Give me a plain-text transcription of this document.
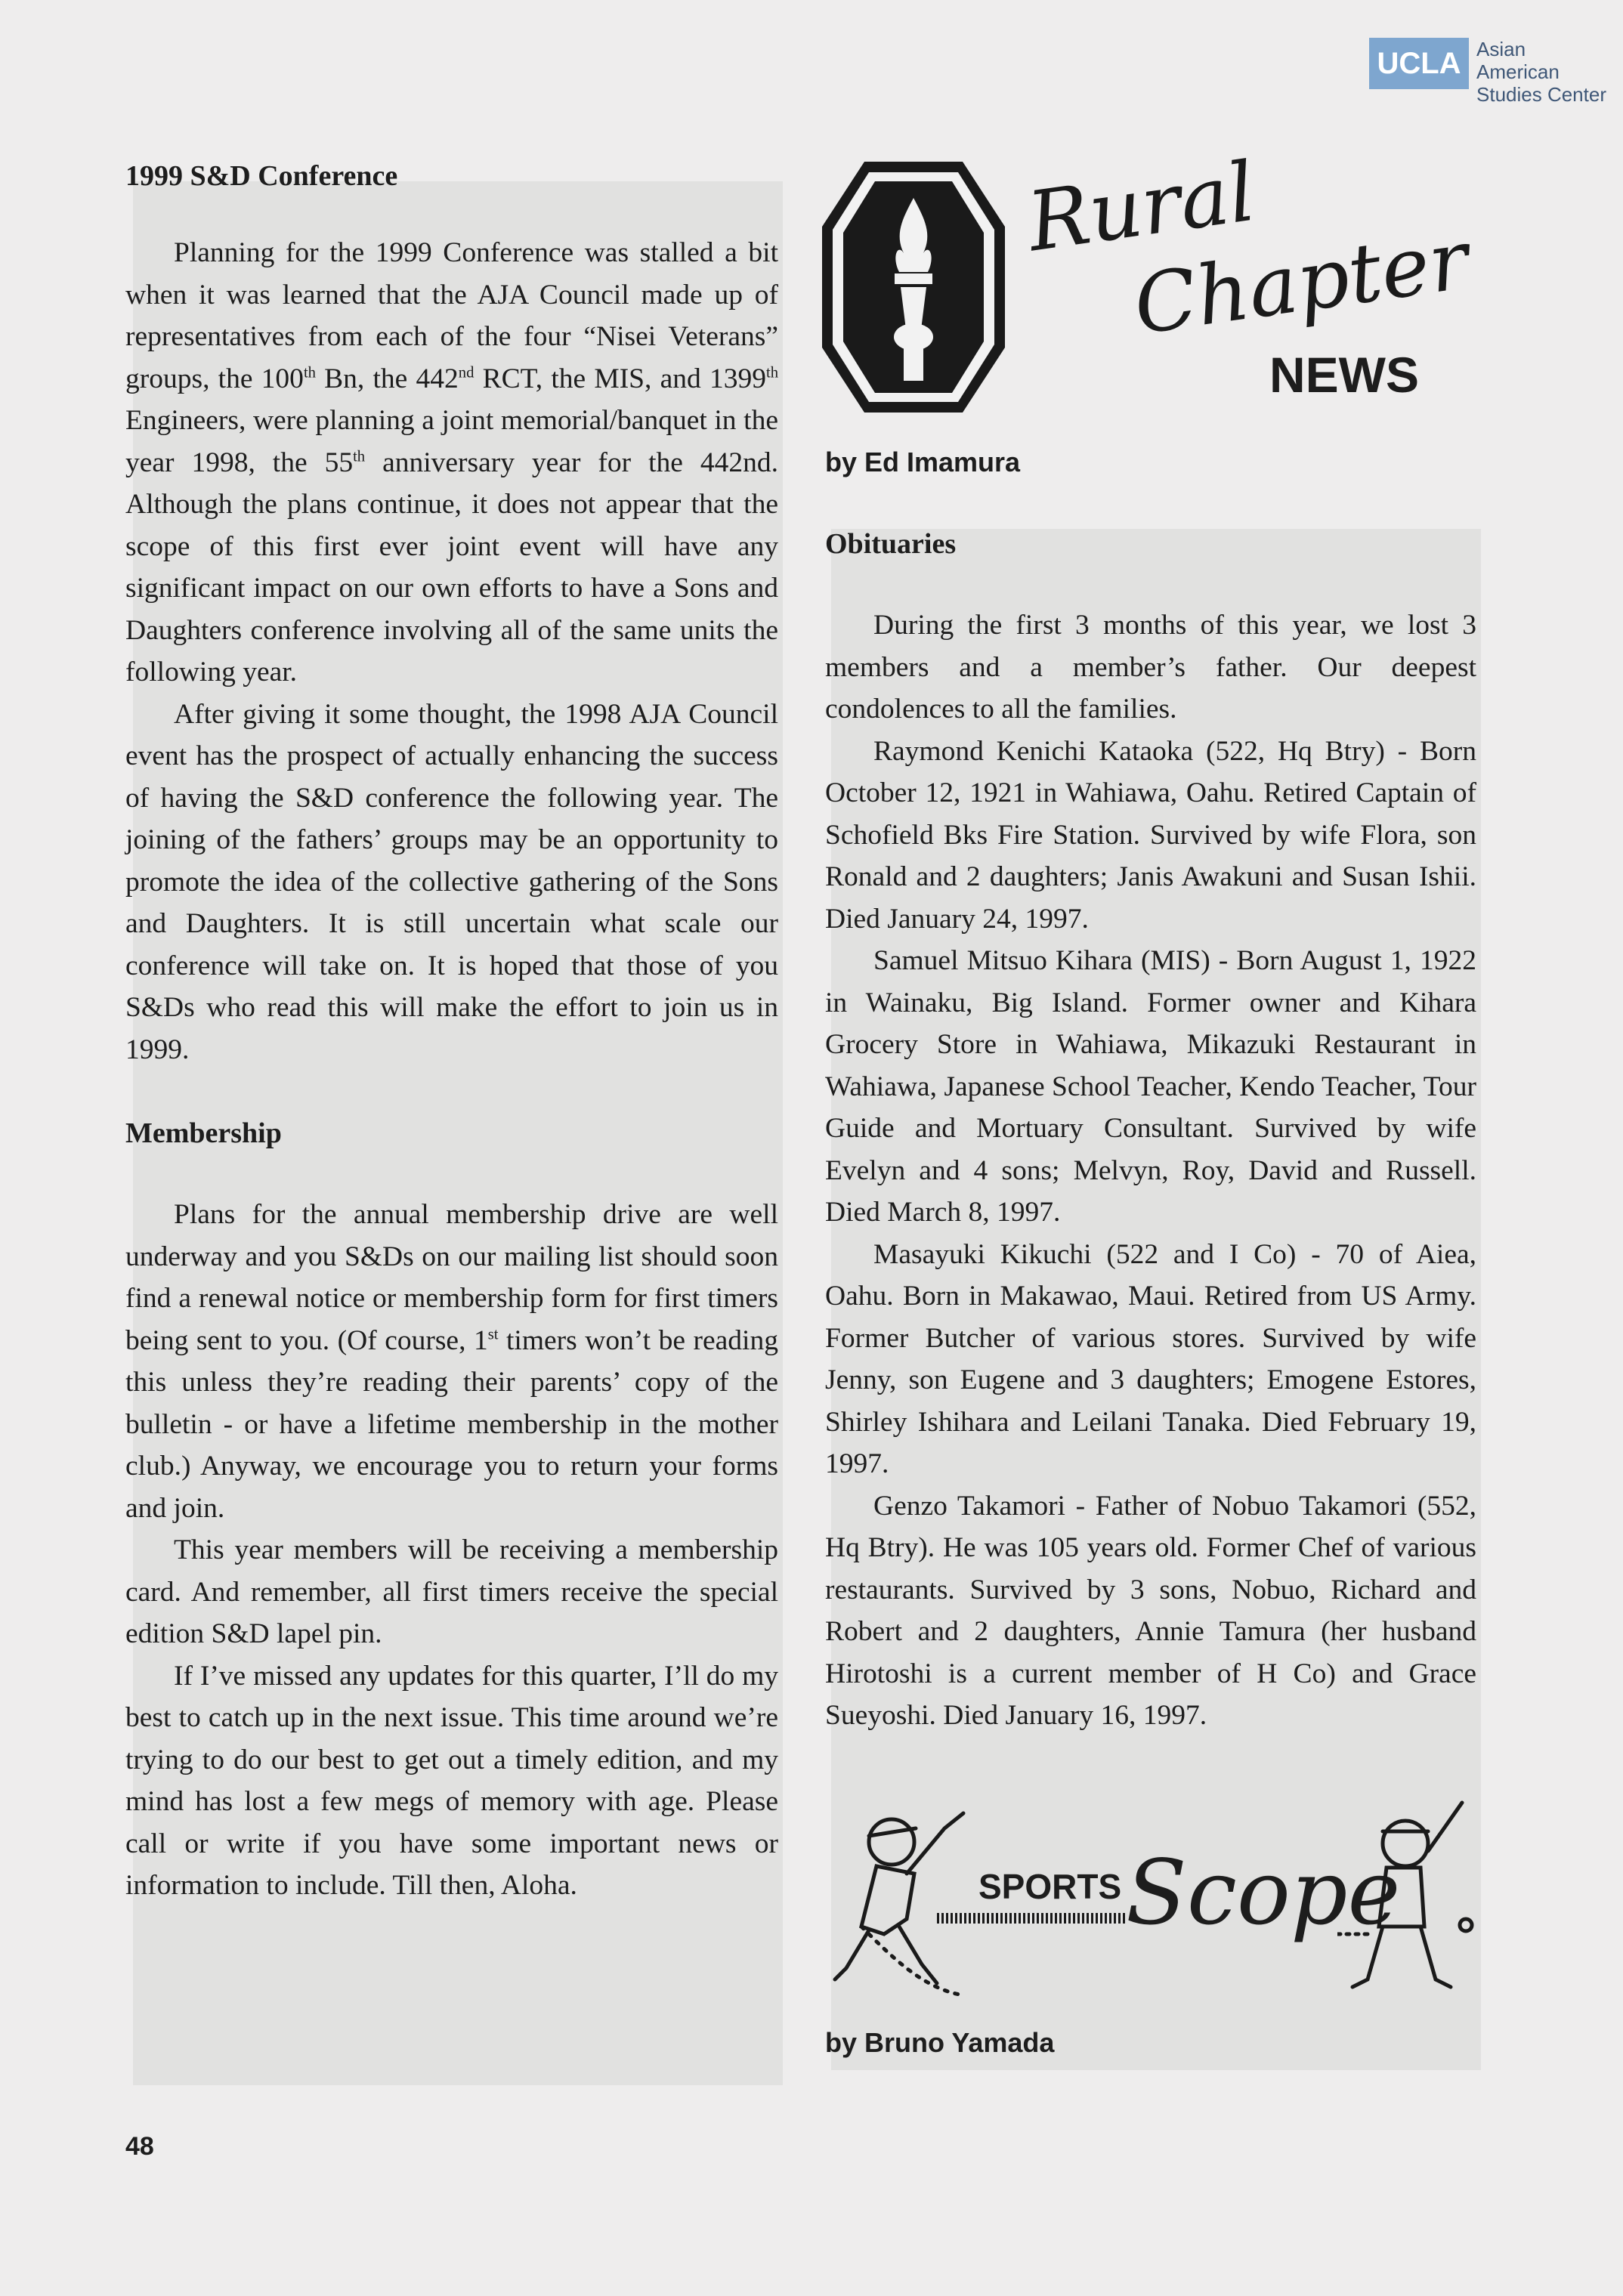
UCLA Asian American
Studies Center
1999 S&D Conference

Planning for the 1999 Conference was stalled a bit when it was learned that the AJA Council made up of representatives from each of the four “Nisei Veterans” groups, the 100th Bn, the 442nd RCT, the MIS, and 1399th Engineers, were planning a joint memorial/banquet in the year 1998, the 55th anniversary year for the 442nd. Although the plans continue, it does not appear that the scope of this first ever joint event will have any significant impact on our own efforts to have a Sons and Daughters conference involving all of the same units the following year.

After giving it some thought, the 1998 AJA Council event has the prospect of actually enhancing the success of having the S&D conference the following year. The joining of the fathers’ groups may be an opportunity to promote the idea of the collective gathering of the Sons and Daughters. It is still uncertain what scale our conference will take on. It is hoped that those of you S&Ds who read this will make the effort to join us in 1999.

Membership

Plans for the annual membership drive are well underway and you S&Ds on our mailing list should soon find a renewal notice or membership form for first timers being sent to you. (Of course, 1st timers won’t be reading this unless they’re reading their parents’ copy of the bulletin - or have a lifetime membership in the mother club.) Anyway, we encourage you to return your forms and join.

This year members will be receiving a membership card. And remember, all first timers receive the special edition S&D lapel pin.

If I’ve missed any updates for this quarter, I’ll do my best to catch up in the next issue. This time around we’re trying to do our best to get out a timely edition, and my mind has lost a few megs of memory with age. Please call or write if you have some important news or information to include. Till then, Aloha.

Rural
Chapter
NEWS
by Ed Imamura
Obituaries

During the first 3 months of this year, we lost 3 members and a member’s father. Our deepest condolences to all the families.

Raymond Kenichi Kataoka (522, Hq Btry) - Born October 12, 1921 in Wahiawa, Oahu. Retired Captain of Schofield Bks Fire Station. Survived by wife Flora, son Ronald and 2 daughters; Janis Awakuni and Susan Ishii. Died January 24, 1997.

Samuel Mitsuo Kihara (MIS) - Born August 1, 1922 in Wainaku, Big Island. Former owner and Kihara Grocery Store in Wahiawa, Mikazuki Restaurant in Wahiawa, Japanese School Teacher, Kendo Teacher, Tour Guide and Mortuary Consultant. Survived by wife Evelyn and 4 sons; Melvyn, Roy, David and Russell. Died March 8, 1997.

Masayuki Kikuchi (522 and I Co) - 70 of Aiea, Oahu. Born in Makawao, Maui. Retired from US Army. Former Butcher of various stores. Survived by wife Jenny, son Eugene and 3 daughters; Emogene Estores, Shirley Ishihara and Leilani Tanaka. Died February 19, 1997.

Genzo Takamori - Father of Nobuo Takamori (552, Hq Btry). He was 105 years old. Former Chef of various restaurants. Survived by 3 sons, Nobuo, Richard and Robert and 2 daughters, Annie Tamura (her husband Hirotoshi is a current member of H Co) and Grace Sueyoshi. Died January 16, 1997.

SPORTS Scope
by Bruno Yamada
48
